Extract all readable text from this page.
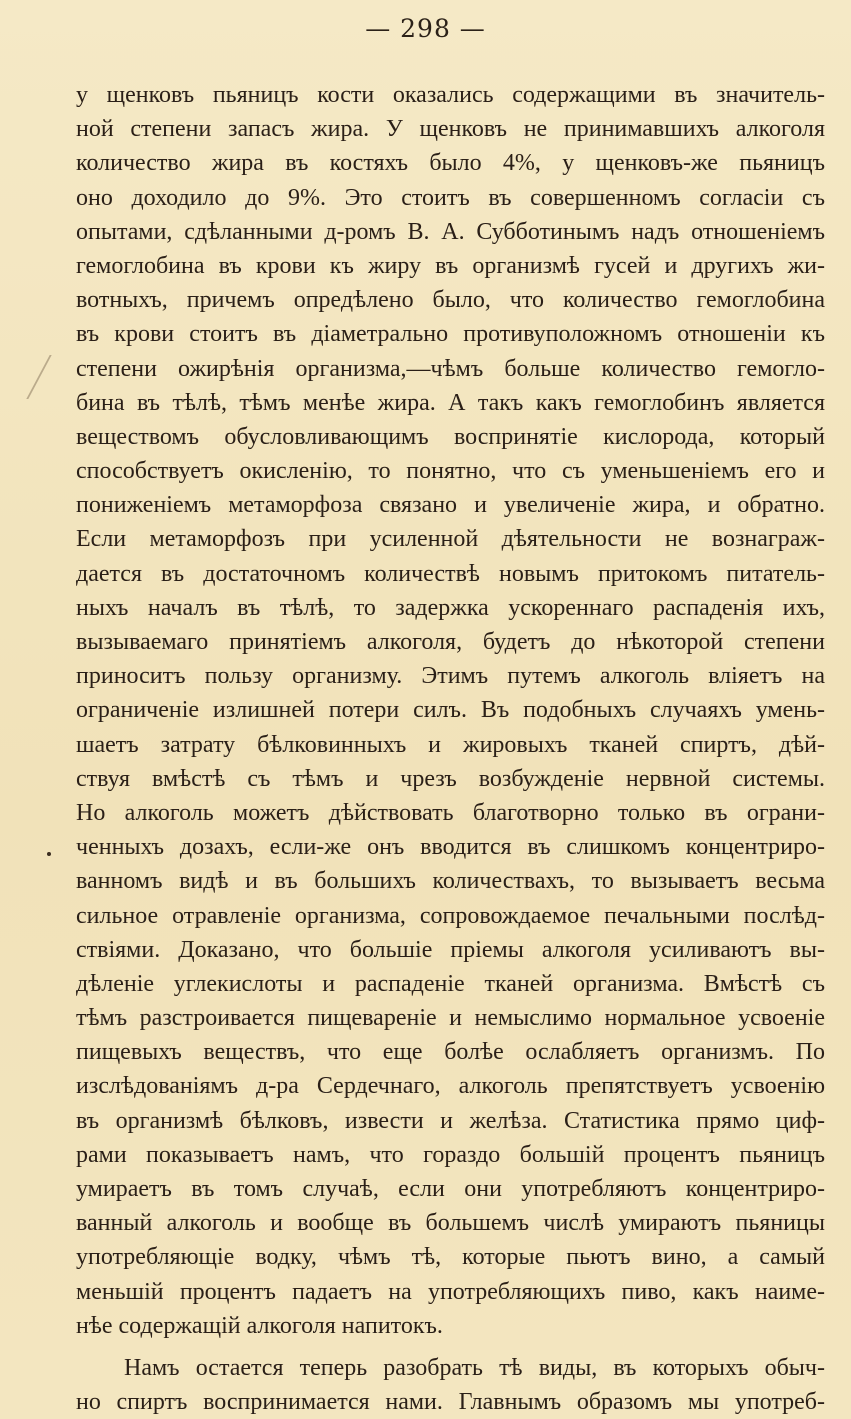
— 298 —
у щенковъ пьяницъ кости оказались содержащими въ значитель-
ной степени запасъ жира. У щенковъ не принимавшихъ алкоголя
количество жира въ костяхъ было 4%, у щенковъ-же пьяницъ
оно доходило до 9%. Это стоитъ въ совершенномъ согласіи съ
опытами, сдѣланными д-ромъ В. А. Субботинымъ надъ отношеніемъ
гемоглобина въ крови къ жиру въ организмѣ гусей и другихъ жи-
вотныхъ, причемъ опредѣлено было, что количество гемоглобина
въ крови стоитъ въ діаметрально противуположномъ отношеніи къ
степени ожирѣнія организма,—чѣмъ больше количество гемогло-
бина въ тѣлѣ, тѣмъ менѣе жира. А такъ какъ гемоглобинъ является
веществомъ обусловливающимъ воспринятіе кислорода, который
способствуетъ окисленію, то понятно, что съ уменьшеніемъ его и
пониженіемъ метаморфоза связано и увеличеніе жира, и обратно.
Если метаморфозъ при усиленной дѣятельности не вознаграж-
дается въ достаточномъ количествѣ новымъ притокомъ питатель-
ныхъ началъ въ тѣлѣ, то задержка ускореннаго распаденія ихъ,
вызываемаго принятіемъ алкоголя, будетъ до нѣкоторой степени
приноситъ пользу организму. Этимъ путемъ алкоголь вліяетъ на
ограниченіе излишней потери силъ. Въ подобныхъ случаяхъ умень-
шаетъ затрату бѣлковинныхъ и жировыхъ тканей спиртъ, дѣй-
ствуя вмѣстѣ съ тѣмъ и чрезъ возбужденіе нервной системы.
Но алкоголь можетъ дѣйствовать благотворно только въ ограни-
ченныхъ дозахъ, если-же онъ вводится въ слишкомъ концентриро-
ванномъ видѣ и въ большихъ количествахъ, то вызываетъ весьма
сильное отравленіе организма, сопровождаемое печальными послѣд-
ствіями. Доказано, что большіе пріемы алкоголя усиливаютъ вы-
дѣленіе углекислоты и распаденіе тканей организма. Вмѣстѣ съ
тѣмъ разстроивается пищевареніе и немыслимо нормальное усвоеніе
пищевыхъ веществъ, что еще болѣе ослабляетъ организмъ. По
изслѣдованіямъ д-ра Сердечнаго, алкоголь препятствуетъ усвоенію
въ организмѣ бѣлковъ, извести и желѣза. Статистика прямо циф-
рами показываетъ намъ, что гораздо большій процентъ пьяницъ
умираетъ въ томъ случаѣ, если они употребляютъ концентриро-
ванный алкоголь и вообще въ большемъ числѣ умираютъ пьяницы
употребляющіе водку, чѣмъ тѣ, которые пьютъ вино, а самый
меньшій процентъ падаетъ на употребляющихъ пиво, какъ наиме-
нѣе содержащій алкоголя напитокъ.
Намъ остается теперь разобрать тѣ виды, въ которыхъ обыч-
но спиртъ воспринимается нами. Главнымъ образомъ мы употреб-
